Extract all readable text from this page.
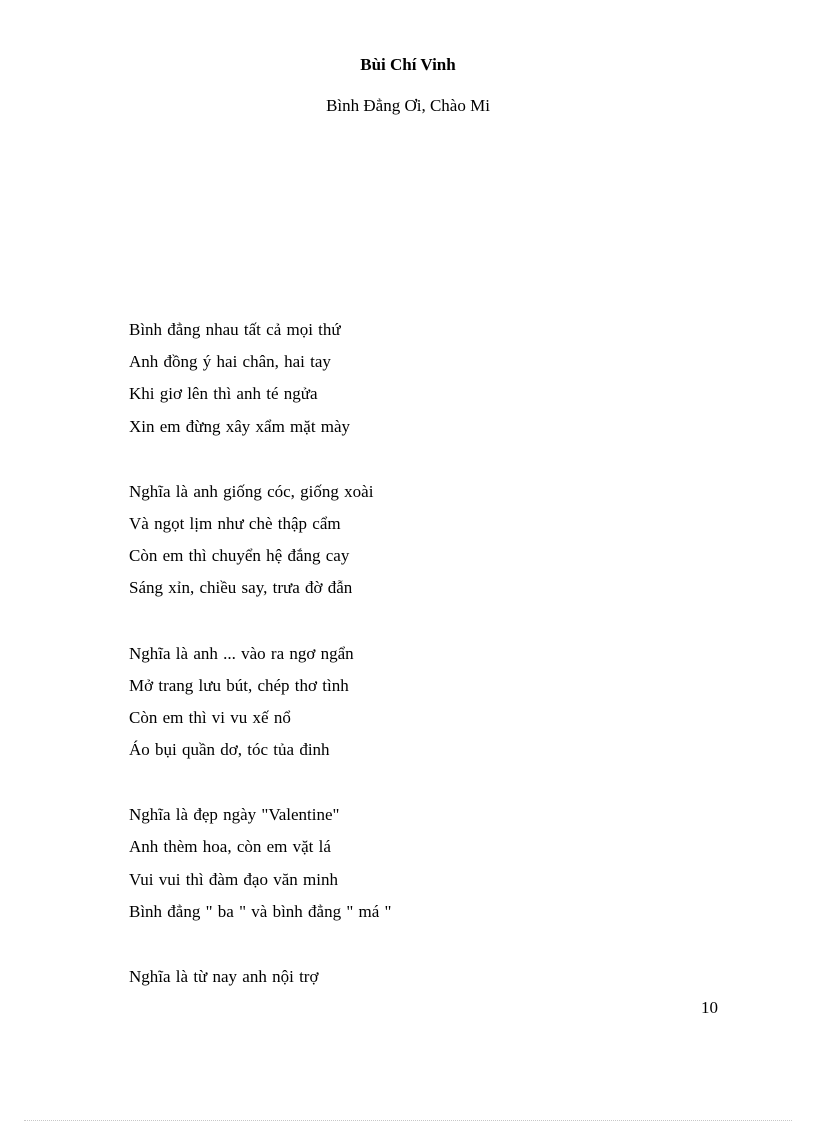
Bùi Chí Vinh
Bình Đẳng Ơi, Chào Mi
Bình đẳng nhau tất cả mọi thứ
Anh đồng ý hai chân, hai tay
Khi giơ lên thì anh té ngửa
Xin em đừng xây xẩm mặt mày
Nghĩa là anh giống cóc, giống xoài
Và ngọt lịm như chè thập cẩm
Còn em thì chuyển hệ đắng cay
Sáng xỉn, chiều say, trưa đờ đẫn
Nghĩa là anh ... vào ra ngơ ngẩn
Mở trang lưu bút, chép thơ tình
Còn em thì vi vu xế nổ
Áo bụi quần dơ, tóc tủa đinh
Nghĩa là đẹp ngày "Valentine"
Anh thèm hoa, còn em vặt lá
Vui vui thì đàm đạo văn minh
Bình đẳng " ba " và bình đẳng " má "
Nghĩa là từ nay anh nội trợ
10
